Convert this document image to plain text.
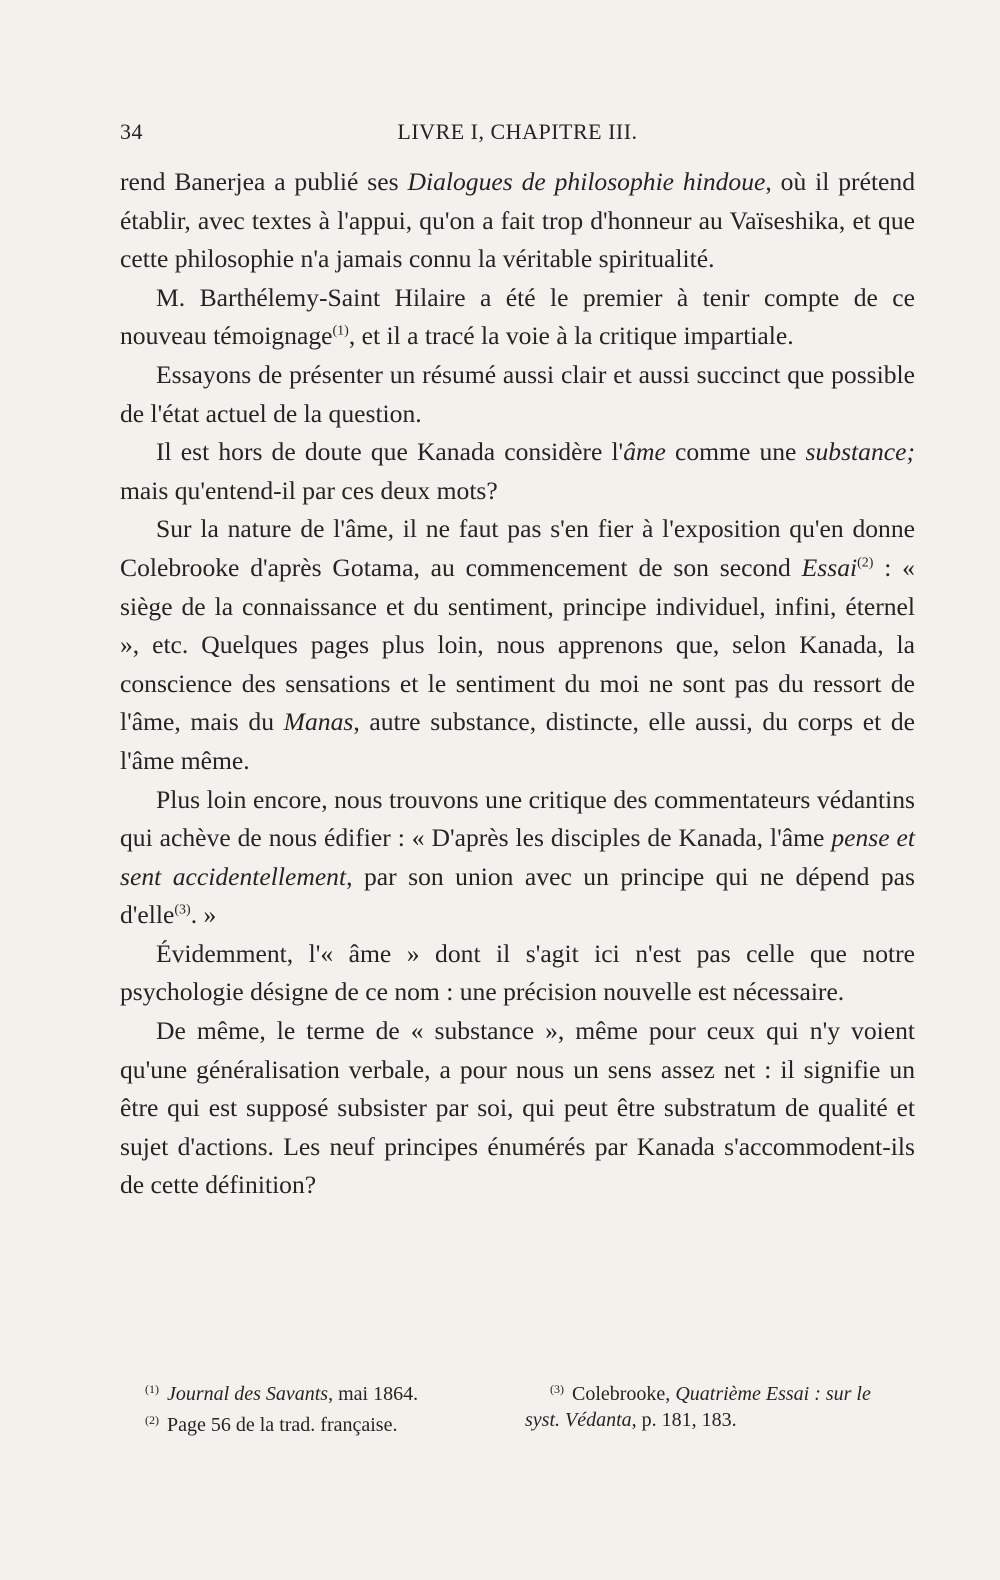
34	LIVRE I, CHAPITRE III.

rend Banerjea a publié ses Dialogues de philosophie hindoue, où il prétend établir, avec textes à l'appui, qu'on a fait trop d'honneur au Vaïseshika, et que cette philosophie n'a jamais connu la véritable spiritualité.

M. Barthélemy-Saint Hilaire a été le premier à tenir compte de ce nouveau témoignage$^{(1)}$, et il a tracé la voie à la critique impartiale.

Essayons de présenter un résumé aussi clair et aussi succinct que possible de l'état actuel de la question.

Il est hors de doute que Kanada considère l'âme comme une substance; mais qu'entend-il par ces deux mots?

Sur la nature de l'âme, il ne faut pas s'en fier à l'exposition qu'en donne Colebrooke d'après Gotama, au commencement de son second Essai$^{(2)}$ : « siège de la connaissance et du sentiment, principe individuel, infini, éternel », etc. Quelques pages plus loin, nous apprenons que, selon Kanada, la conscience des sensations et le sentiment du moi ne sont pas du ressort de l'âme, mais du Manas, autre substance, distincte, elle aussi, du corps et de l'âme même.

Plus loin encore, nous trouvons une critique des commentateurs védantins qui achève de nous édifier : « D'après les disciples de Kanada, l'âme pense et sent accidentellement, par son union avec un principe qui ne dépend pas d'elle$^{(3)}$. »

Évidemment, l'« âme » dont il s'agit ici n'est pas celle que notre psychologie désigne de ce nom : une précision nouvelle est nécessaire.

De même, le terme de « substance », même pour ceux qui n'y voient qu'une généralisation verbale, a pour nous un sens assez net : il signifie un être qui est supposé subsister par soi, qui peut être substratum de qualité et sujet d'actions. Les neuf principes énumérés par Kanada s'accommodent-ils de cette définition?

$^{(1)}$ Journal des Savants, mai 1864.	$^{(3)}$ Colebrooke, Quatrième Essai : sur le
$^{(2)}$ Page 56 de la trad. française.	syst. Védanta, p. 181, 183.
